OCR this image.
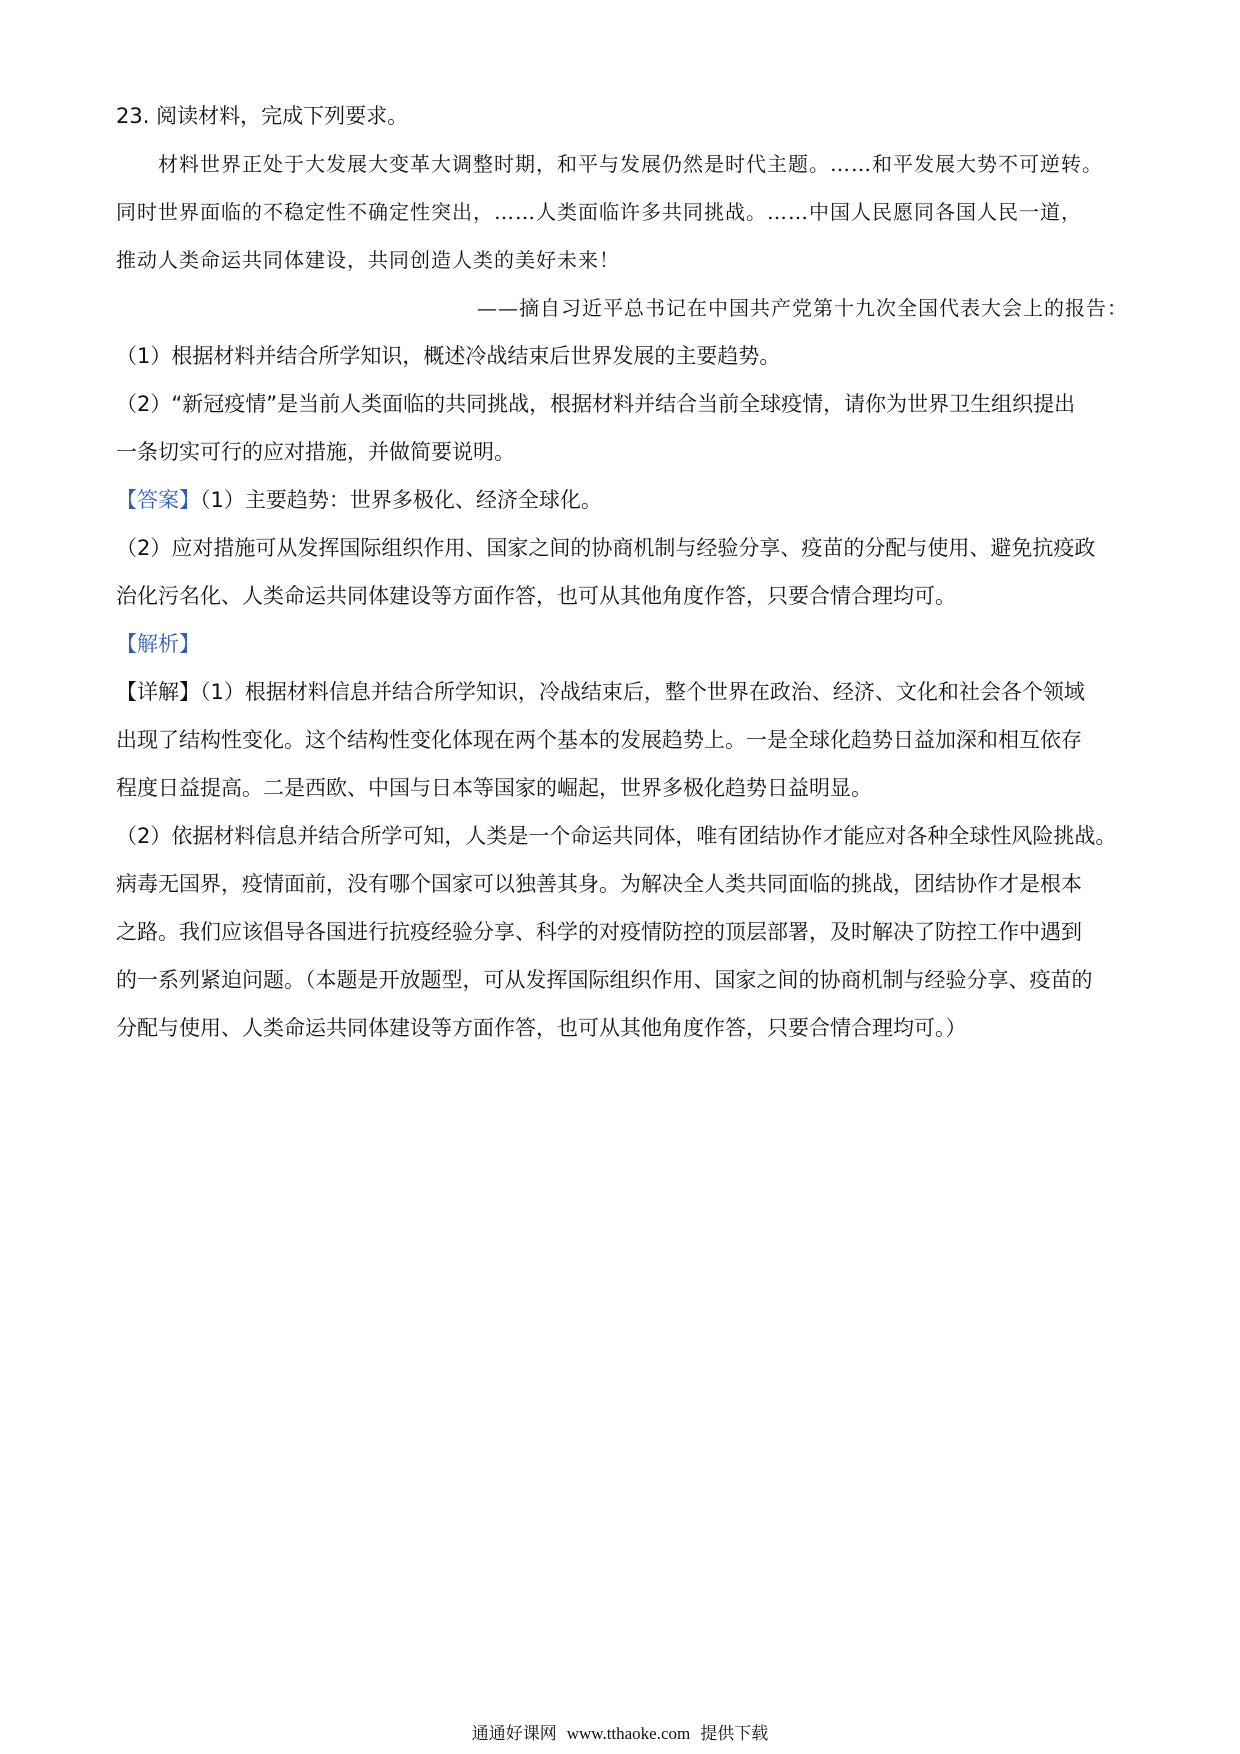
23. 阅读材料，完成下列要求。
材料世界正处于大发展大变革大调整时期，和平与发展仍然是时代主题。……和平发展大势不可逆转。
同时世界面临的不稳定性不确定性突出，……人类面临许多共同挑战。……中国人民愿同各国人民一道，
推动人类命运共同体建设，共同创造人类的美好未来！
——摘自习近平总书记在中国共产党第十九次全国代表大会上的报告：
（1）根据材料并结合所学知识，概述冷战结束后世界发展的主要趋势。
（2）“新冠疫情”是当前人类面临的共同挑战，根据材料并结合当前全球疫情，请你为世界卫生组织提出
一条切实可行的应对措施，并做简要说明。
【答案】（1）主要趋势：世界多极化、经济全球化。
（2）应对措施可从发挥国际组织作用、国家之间的协商机制与经验分享、疫苗的分配与使用、避免抗疫政
治化污名化、人类命运共同体建设等方面作答，也可从其他角度作答，只要合情合理均可。
【解析】
【详解】（1）根据材料信息并结合所学知识，冷战结束后，整个世界在政治、经济、文化和社会各个领域
出现了结构性变化。这个结构性变化体现在两个基本的发展趋势上。一是全球化趋势日益加深和相互依存
程度日益提高。二是西欧、中国与日本等国家的崛起，世界多极化趋势日益明显。
（2）依据材料信息并结合所学可知，人类是一个命运共同体，唯有团结协作才能应对各种全球性风险挑战。
病毒无国界，疫情面前，没有哪个国家可以独善其身。为解决全人类共同面临的挑战，团结协作才是根本
之路。我们应该倡导各国进行抗疫经验分享、科学的对疫情防控的顶层部署，及时解决了防控工作中遇到
的一系列紧迫问题。（本题是开放题型，可从发挥国际组织作用、国家之间的协商机制与经验分享、疫苗的
分配与使用、人类命运共同体建设等方面作答，也可从其他角度作答，只要合情合理均可。）
通通好课网 www.tthaoke.com 提供下载
